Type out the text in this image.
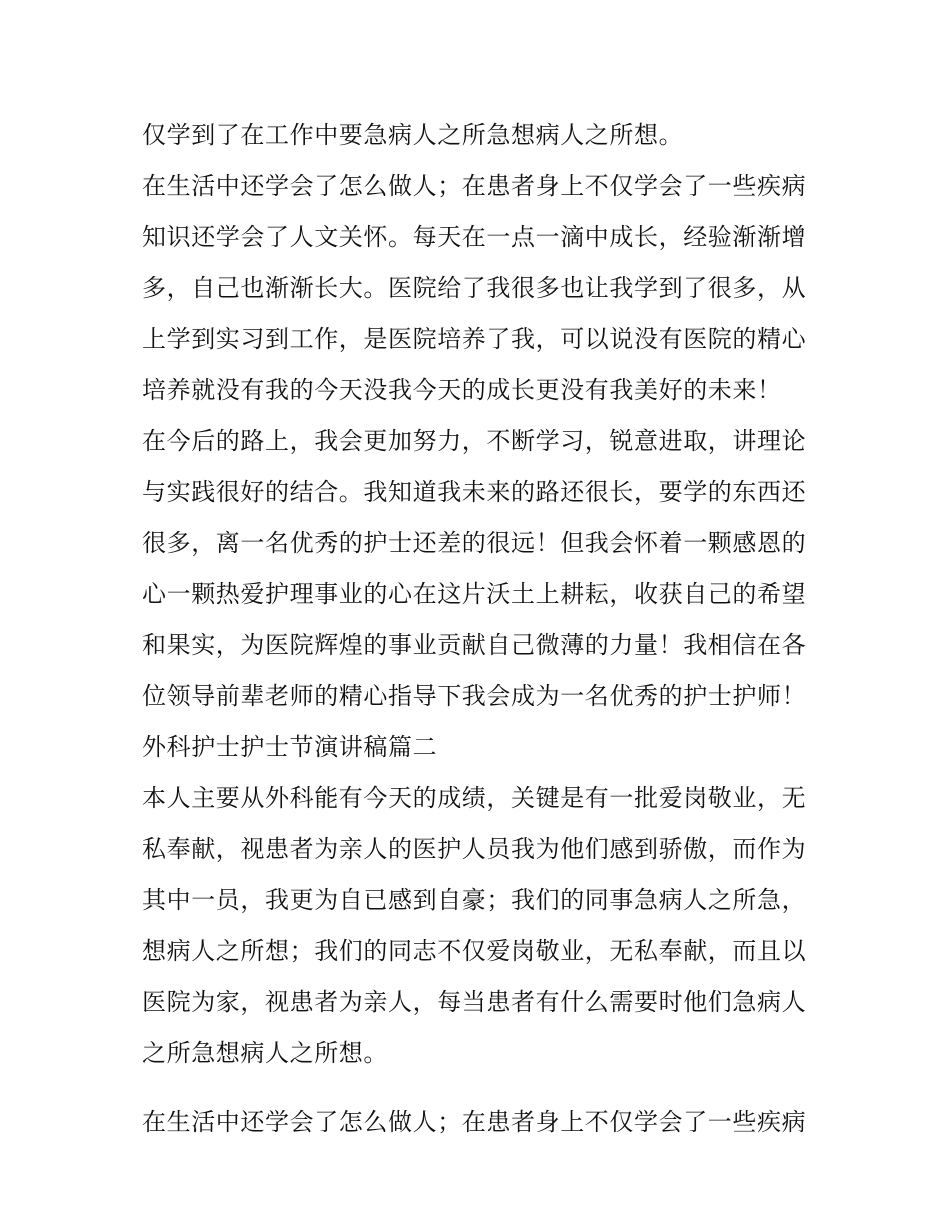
仅学到了在工作中要急病人之所急想病人之所想。
在生活中还学会了怎么做人；在患者身上不仅学会了一些疾病
知识还学会了人文关怀。每天在一点一滴中成长，经验渐渐增
多，自己也渐渐长大。医院给了我很多也让我学到了很多，从
上学到实习到工作，是医院培养了我，可以说没有医院的精心
培养就没有我的今天没我今天的成长更没有我美好的未来！
在今后的路上，我会更加努力，不断学习，锐意进取，讲理论
与实践很好的结合。我知道我未来的路还很长，要学的东西还
很多，离一名优秀的护士还差的很远！但我会怀着一颗感恩的
心一颗热爱护理事业的心在这片沃土上耕耘，收获自己的希望
和果实，为医院辉煌的事业贡献自己微薄的力量！我相信在各
位领导前辈老师的精心指导下我会成为一名优秀的护士护师！
外科护士护士节演讲稿篇二
本人主要从外科能有今天的成绩，关键是有一批爱岗敬业，无
私奉献，视患者为亲人的医护人员我为他们感到骄傲，而作为
其中一员，我更为自已感到自豪；我们的同事急病人之所急，
想病人之所想；我们的同志不仅爱岗敬业，无私奉献，而且以
医院为家，视患者为亲人，每当患者有什么需要时他们急病人
之所急想病人之所想。
在生活中还学会了怎么做人；在患者身上不仅学会了一些疾病
